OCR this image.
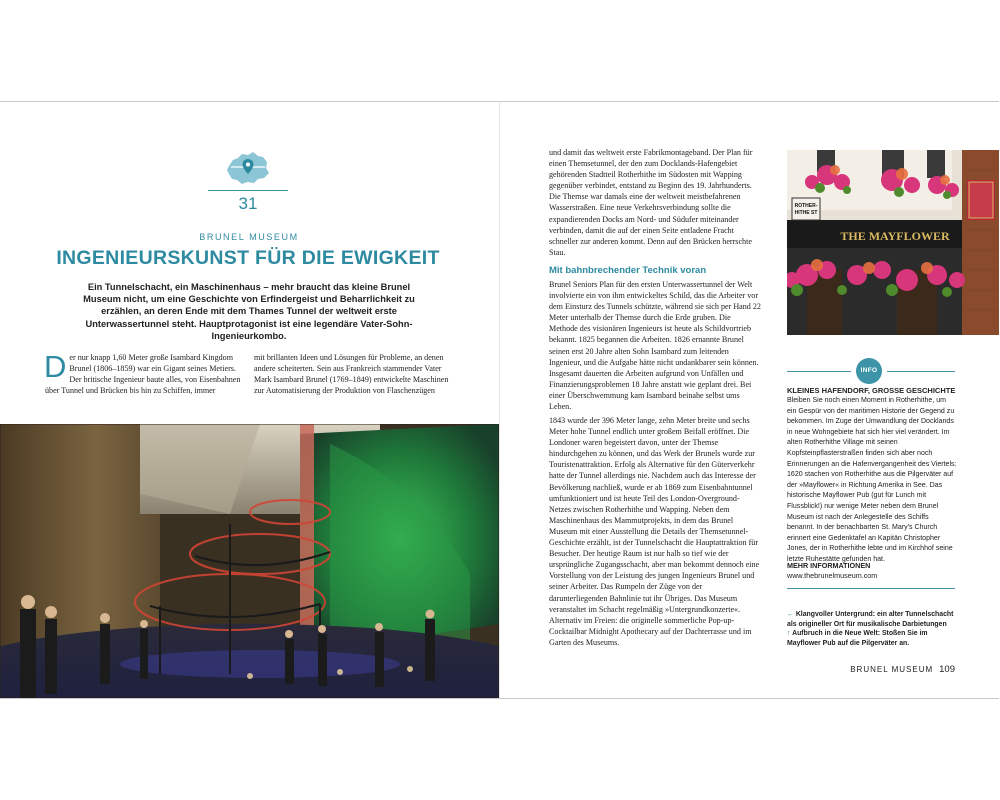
31
BRUNEL MUSEUM
INGENIEURSKUNST FÜR DIE EWIGKEIT
Ein Tunnelschacht, ein Maschinenhaus – mehr braucht das kleine Brunel Museum nicht, um eine Geschichte von Erfindergeist und Beharrlichkeit zu erzählen, an deren Ende mit dem Thames Tunnel der weltweit erste Unterwassertunnel steht. Hauptprotagonist ist eine legendäre Vater-Sohn-Ingenieurkombo.

Der nur knapp 1,60 Meter große Isambard Kingdom Brunel (1806–1859) war ein Gigant seines Metiers. Der britische Ingenieur baute alles, von Eisenbahnen über Tunnel und Brücken bis hin zu Schiffen, immer

mit brillanten Ideen und Lösungen für Probleme, an denen andere scheiterten. Sein aus Frankreich stammender Vater Mark Isambard Brunel (1769–1849) entwickelte Maschinen zur Automatisierung der Produktion von Flaschenzügen

und damit das weltweit erste Fabrikmontageband. Der Plan für einen Themsetunnel, der den zum Docklands-Hafengebiet gehörenden Stadtteil Rotherhithe im Südosten mit Wapping gegenüber verbindet, entstand zu Beginn des 19. Jahrhunderts. Die Themse war damals eine der weltweit meistbefahrenen Wasserstraßen. Eine neue Verkehrsverbindung sollte die expandierenden Docks am Nord- und Südufer miteinander verbinden, damit die auf der einen Seite entladene Fracht schneller zur anderen kommt. Denn auf den Brücken herrschte Stau.

Mit bahnbrechender Technik voran

Brunel Seniors Plan für den ersten Unterwassertunnel der Welt involvierte ein von ihm entwickeltes Schild, das die Arbeiter vor dem Einsturz des Tunnels schützte, während sie sich per Hand 22 Meter unterhalb der Themse durch die Erde gruben. Die Methode des visionären Ingenieurs ist heute als Schildvortrieb bekannt. 1825 begannen die Arbeiten. 1826 ernannte Brunel seinen erst 20 Jahre alten Sohn Isambard zum leitenden Ingenieur, und die Aufgabe hätte nicht undankbarer sein können. Insgesamt dauerten die Arbeiten aufgrund von Unfällen und Finanzierungsproblemen 18 Jahre anstatt wie geplant drei. Bei einer Überschwemmung kam Isambard beinahe selbst ums Leben.

1843 wurde der 396 Meter lange, zehn Meter breite und sechs Meter hohe Tunnel endlich unter großem Beifall eröffnet. Die Londoner waren begeistert davon, unter der Themse hindurchgehen zu können, und das Werk der Brunels wurde zur Touristenattraktion. Erfolg als Alternative für den Güterverkehr hatte der Tunnel allerdings nie. Nachdem auch das Interesse der Bevölkerung nachließ, wurde er ab 1869 zum Eisenbahntunnel umfunktioniert und ist heute Teil des London-Overground-Netzes zwischen Rotherhithe und Wapping. Neben dem Maschinenhaus des Mammutprojekts, in dem das Brunel Museum mit einer Ausstellung die Details der Themsetunnel-Geschichte erzählt, ist der Tunnelschacht die Hauptattraktion für Besucher. Der heutige Raum ist nur halb so tief wie der ursprüngliche Zugangsschacht, aber man bekommt dennoch eine Vorstellung von der Leistung des jungen Ingenieurs Brunel und seiner Arbeiter. Das Rumpeln der Züge von der darunterliegenden Bahnlinie tut ihr Übriges. Das Museum veranstaltet im Schacht regelmäßig »Untergrundkonzerte«. Alternativ im Freien: die originelle sommerliche Pop-up-Cocktailbar Midnight Apothecary auf der Dachterrasse und im Garten des Museums.

ROTHER-
HITHE ST
THE MAYFLOWER
INFO
KLEINES HAFENDORF, GROSSE GESCHICHTE

Bleiben Sie noch einen Moment in Rotherhithe, um ein Gespür von der maritimen Historie der Gegend zu bekommen. Im Zuge der Umwandlung der Docklands in neue Wohngebiete hat sich hier viel verändert. Im alten Rotherhithe Village mit seinen Kopfsteinpflasterstraßen finden sich aber noch Erinnerungen an die Hafenvergangenheit des Viertels: 1620 stachen von Rotherhithe aus die Pilgerväter auf der »Mayflower« in Richtung Amerika in See. Das historische Mayflower Pub (gut für Lunch mit Flussblick!) nur wenige Meter neben dem Brunel Museum ist nach der Anlegestelle des Schiffs benannt. In der benachbarten St. Mary's Church erinnert eine Gedenktafel an Kapitän Christopher Jones, der in Rotherhithe lebte und im Kirchhof seine letzte Ruhestätte gefunden hat.

MEHR INFORMATIONEN
www.thebrunelmuseum.com

← Klangvoller Untergrund: ein alter Tunnelschacht als origineller Ort für musikalische Darbietungen

↑ Aufbruch in die Neue Welt: Stoßen Sie im Mayflower Pub auf die Pilgerväter an.

BRUNEL MUSEUM 109
